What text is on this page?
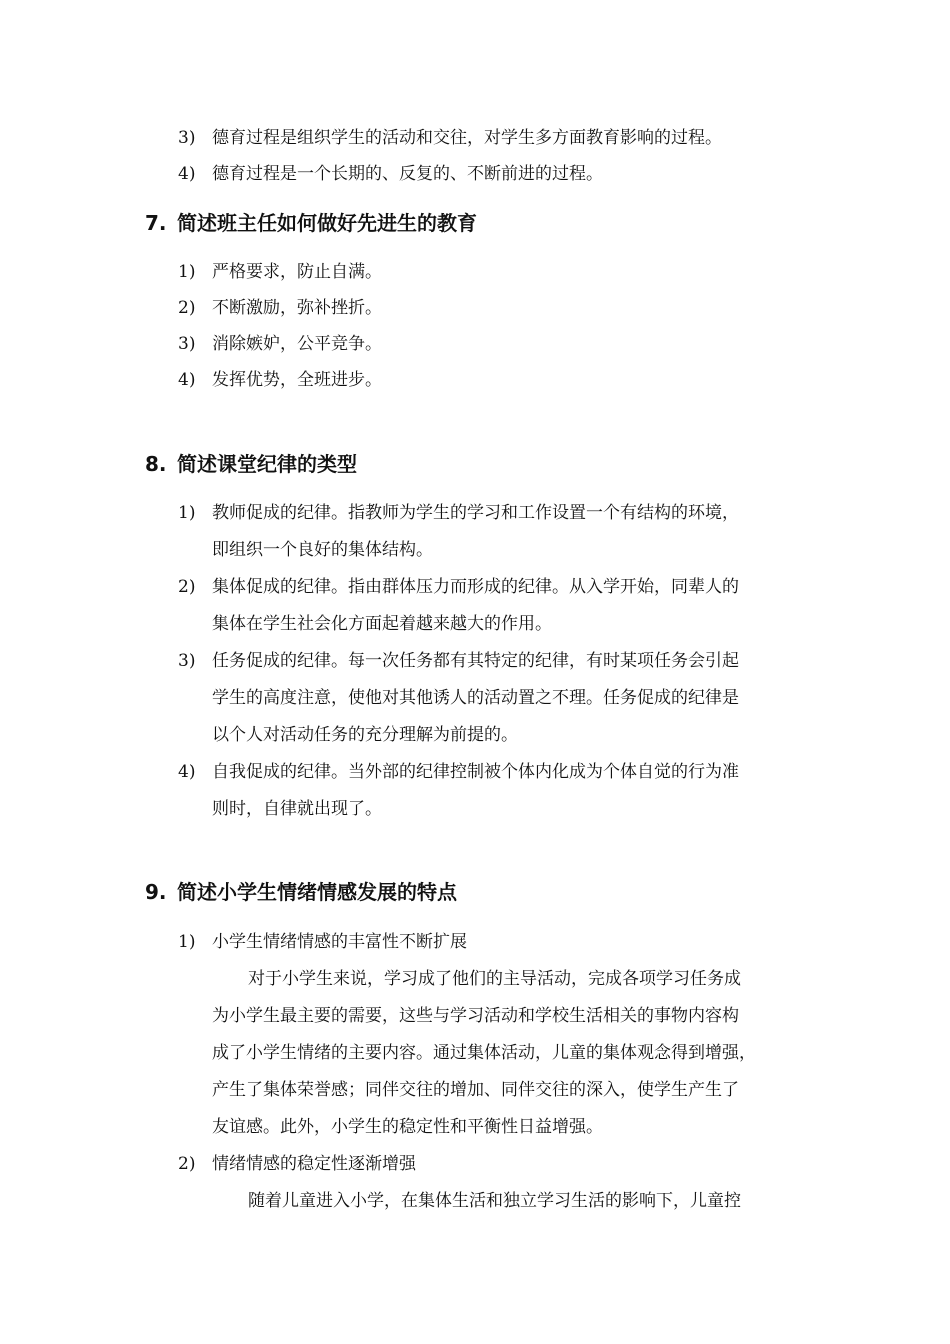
3) 德育过程是组织学生的活动和交往，对学生多方面教育影响的过程。
4) 德育过程是一个长期的、反复的、不断前进的过程。
7. 简述班主任如何做好先进生的教育
1) 严格要求，防止自满。
2) 不断激励，弥补挫折。
3) 消除嫉妒，公平竞争。
4) 发挥优势，全班进步。
8. 简述课堂纪律的类型
1) 教师促成的纪律。指教师为学生的学习和工作设置一个有结构的环境，
即组织一个良好的集体结构。
2) 集体促成的纪律。指由群体压力而形成的纪律。从入学开始，同辈人的
集体在学生社会化方面起着越来越大的作用。
3) 任务促成的纪律。每一次任务都有其特定的纪律，有时某项任务会引起
学生的高度注意，使他对其他诱人的活动置之不理。任务促成的纪律是
以个人对活动任务的充分理解为前提的。
4) 自我促成的纪律。当外部的纪律控制被个体内化成为个体自觉的行为准
则时，自律就出现了。
9. 简述小学生情绪情感发展的特点
1) 小学生情绪情感的丰富性不断扩展
对于小学生来说，学习成了他们的主导活动，完成各项学习任务成
为小学生最主要的需要，这些与学习活动和学校生活相关的事物内容构
成了小学生情绪的主要内容。通过集体活动，儿童的集体观念得到增强，
产生了集体荣誉感；同伴交往的增加、同伴交往的深入，使学生产生了
友谊感。此外，小学生的稳定性和平衡性日益增强。
2) 情绪情感的稳定性逐渐增强
随着儿童进入小学，在集体生活和独立学习生活的影响下，儿童控
